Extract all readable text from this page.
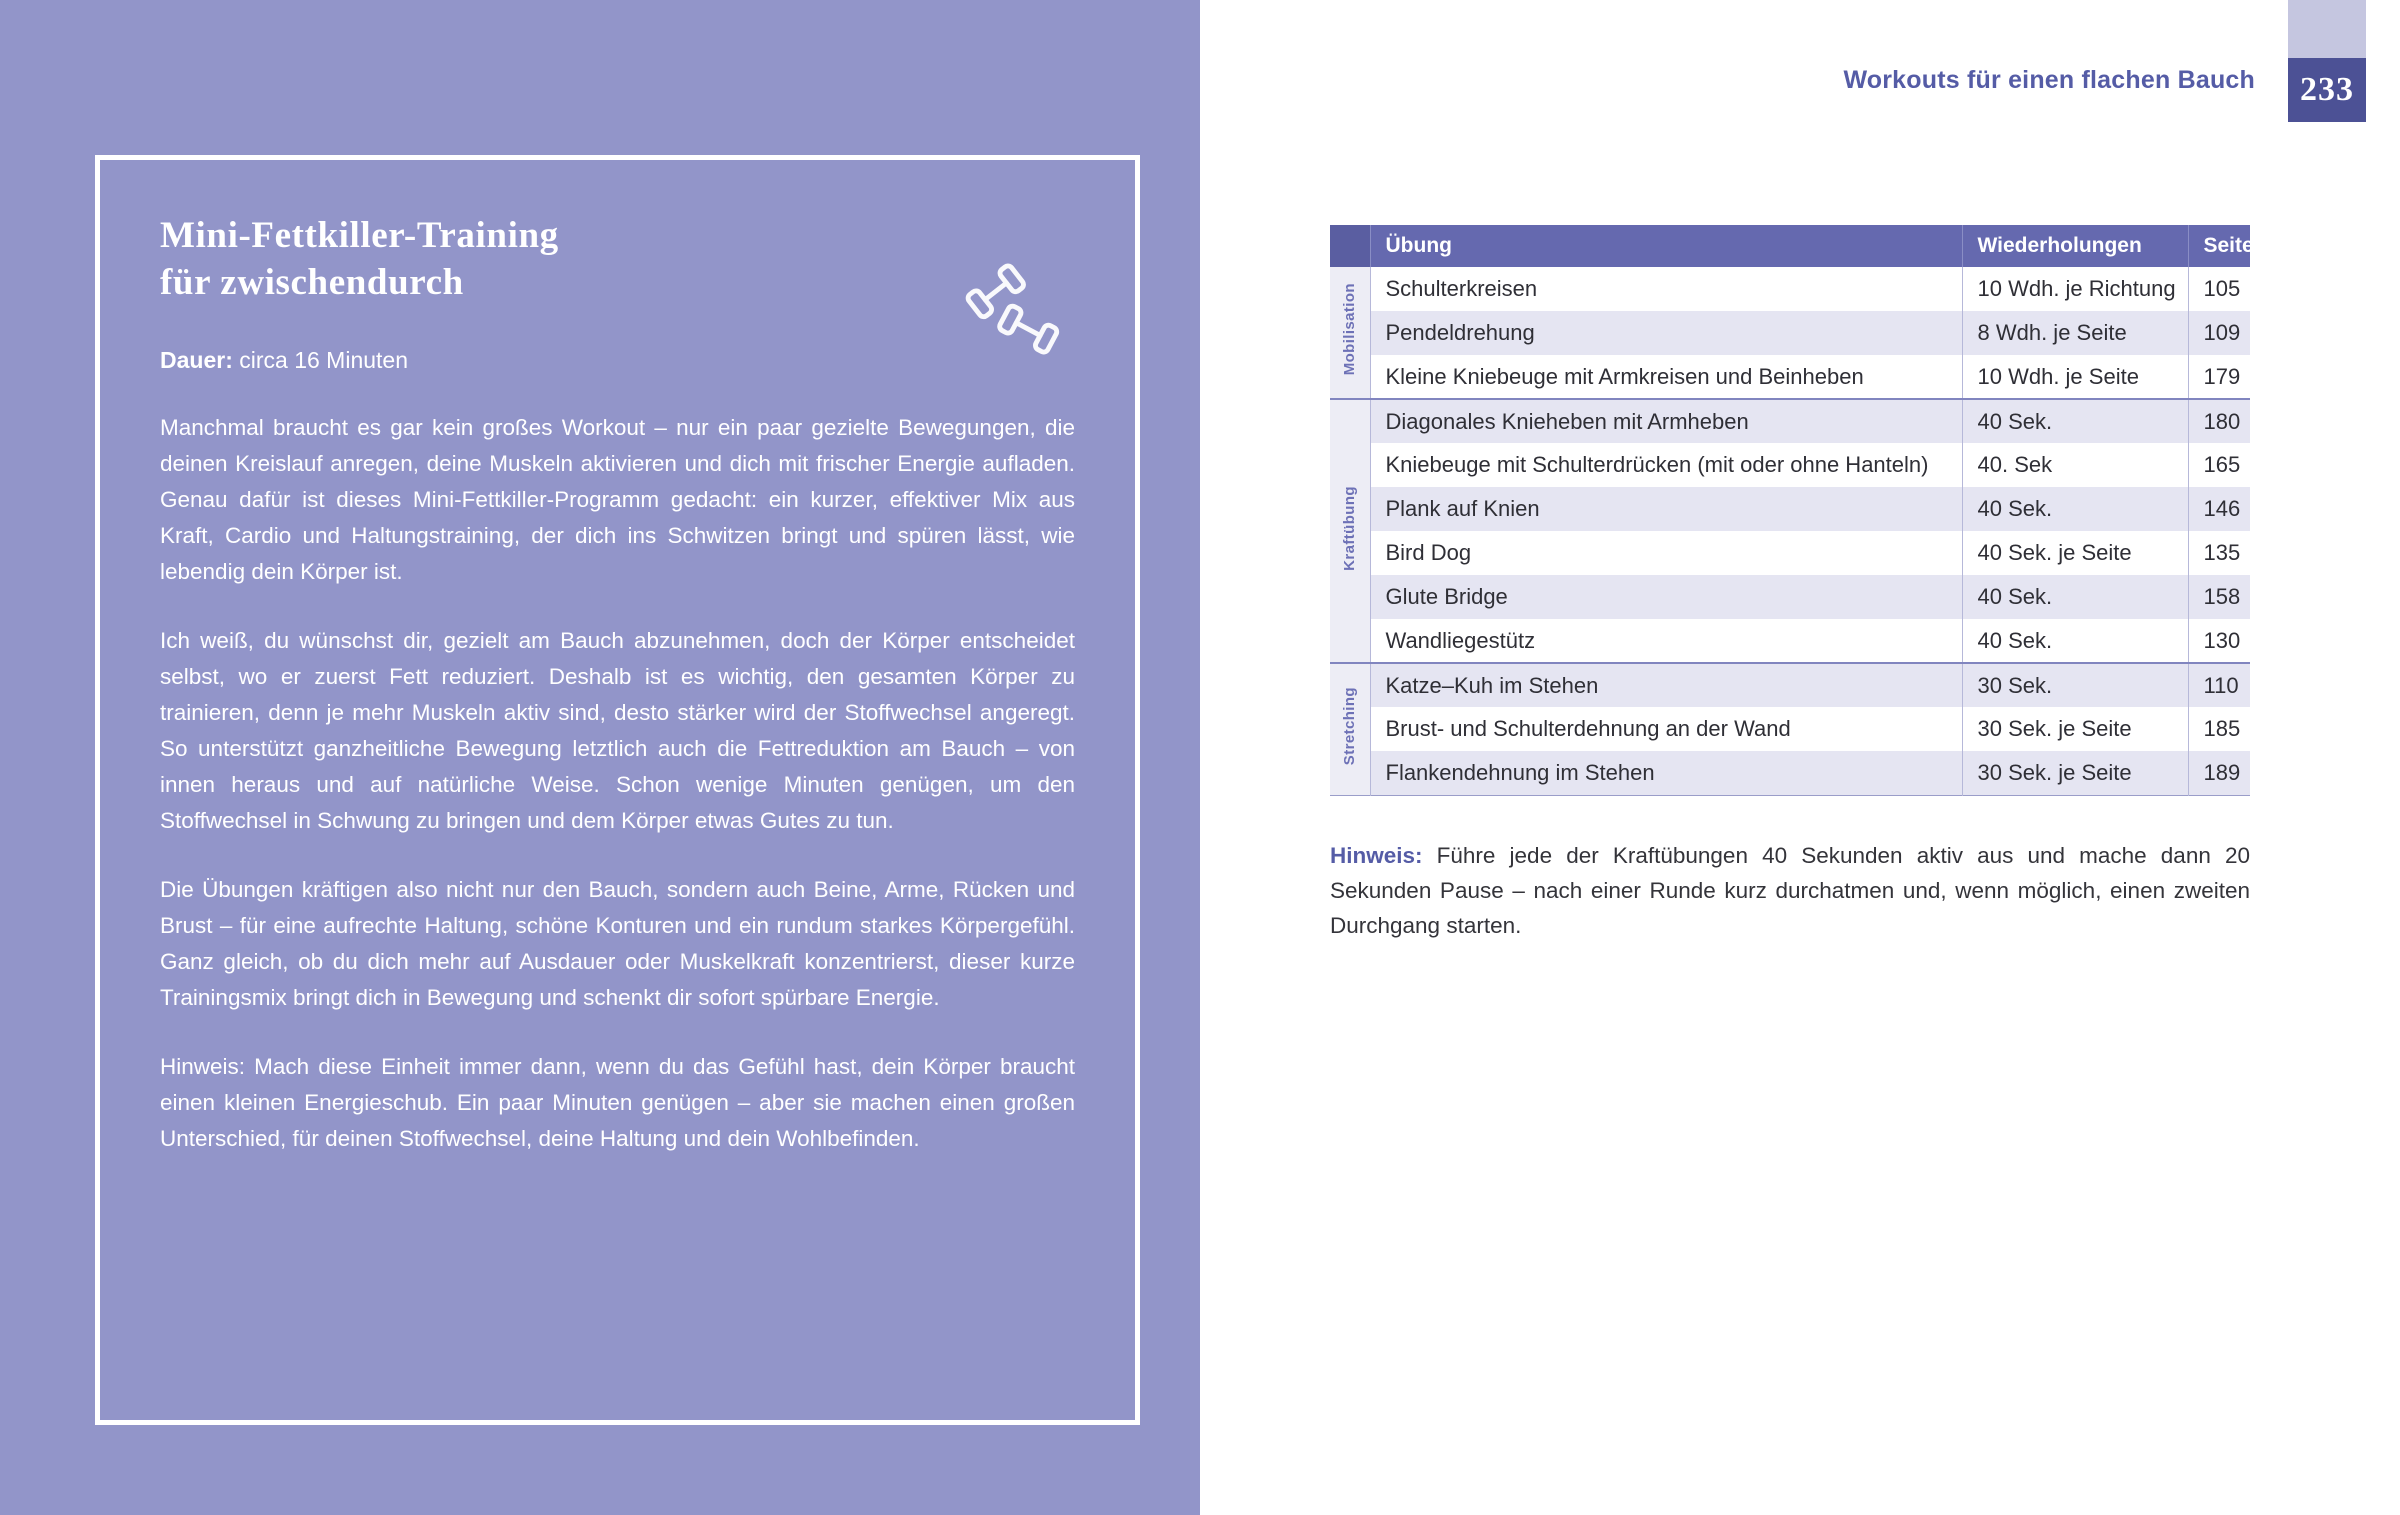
Mini-Fettkiller-Training
für zwischendurch

Dauer: circa 16 Minuten

Manchmal braucht es gar kein großes Workout – nur ein paar gezielte Bewegungen, die deinen Kreislauf anregen, deine Muskeln aktivieren und dich mit frischer Energie aufladen. Genau dafür ist dieses Mini-Fettkiller-Programm gedacht: ein kurzer, effektiver Mix aus Kraft, Cardio und Haltungstraining, der dich ins Schwitzen bringt und spüren lässt, wie lebendig dein Körper ist.

Ich weiß, du wünschst dir, gezielt am Bauch abzunehmen, doch der Körper entscheidet selbst, wo er zuerst Fett reduziert. Deshalb ist es wichtig, den gesamten Körper zu trainieren, denn je mehr Muskeln aktiv sind, desto stärker wird der Stoffwechsel angeregt. So unterstützt ganzheitliche Bewegung letztlich auch die Fettreduktion am Bauch – von innen heraus und auf natürliche Weise. Schon wenige Minuten genügen, um den Stoffwechsel in Schwung zu bringen und dem Körper etwas Gutes zu tun.

Die Übungen kräftigen also nicht nur den Bauch, sondern auch Beine, Arme, Rücken und Brust – für eine aufrechte Haltung, schöne Konturen und ein rundum starkes Körpergefühl. Ganz gleich, ob du dich mehr auf Ausdauer oder Muskelkraft konzentrierst, dieser kurze Trainingsmix bringt dich in Bewegung und schenkt dir sofort spürbare Energie.

Hinweis: Mach diese Einheit immer dann, wenn du das Gefühl hast, dein Körper braucht einen kleinen Energieschub. Ein paar Minuten genügen – aber sie machen einen großen Unterschied, für deinen Stoffwechsel, deine Haltung und dein Wohlbefinden.

Workouts für einen flachen Bauch	233
	Übung	Wiederholungen	Seite
Mobilisation	Schulterkreisen	10 Wdh. je Richtung	105
	Pendeldrehung	8 Wdh. je Seite	109
	Kleine Kniebeuge mit Armkreisen und Beinheben	10 Wdh. je Seite	179
Kraftübung	Diagonales Knieheben mit Armheben	40 Sek.	180
	Kniebeuge mit Schulterdrücken (mit oder ohne Hanteln)	40. Sek	165
	Plank auf Knien	40 Sek.	146
	Bird Dog	40 Sek. je Seite	135
	Glute Bridge	40 Sek.	158
	Wandliegestütz	40 Sek.	130
Stretching	Katze–Kuh im Stehen	30 Sek.	110
	Brust- und Schulterdehnung an der Wand	30 Sek. je Seite	185
	Flankendehnung im Stehen	30 Sek. je Seite	189

Hinweis: Führe jede der Kraftübungen 40 Sekunden aktiv aus und mache dann 20 Sekunden Pause – nach einer Runde kurz durchatmen und, wenn möglich, einen zweiten Durchgang starten.
